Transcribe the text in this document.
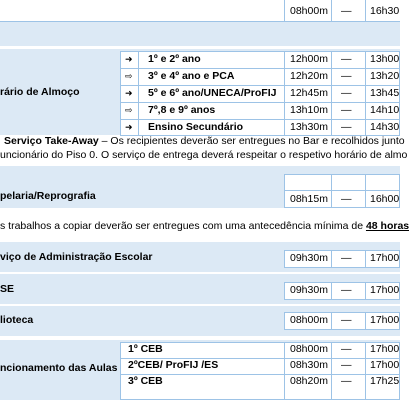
08h00m — 16h30
rário de Almoço
➜ 1º e 2º ano	12h00m — 13h00
⇨ 3º e 4º ano e PCA	12h20m — 13h20
➜ 5º e 6º ano/UNECA/ProFIJ 12h45m — 13h45
⇨ 7º,8 e 9º anos	13h10m — 14h10
➜ Ensino Secundário	13h30m — 14h30
Serviço Take-Away – Os recipientes deverão ser entregues no Bar e recolhidos junto
uncionário do Piso 0. O serviço de entrega deverá respeitar o respetivo horário de almo
pelaria/Reprografia	08h15m — 16h00
s trabalhos a copiar deverão ser entregues com uma antecedência mínima de 48 horas
viço de Administração Escolar	09h30m — 17h00
SE	09h30m — 17h00
lioteca	08h00m — 17h00
ncionamento das Aulas
1º CEB	08h00m — 17h00
2ºCEB/ ProFIJ /ES	08h30m — 17h00
3º CEB	08h20m — 17h25
